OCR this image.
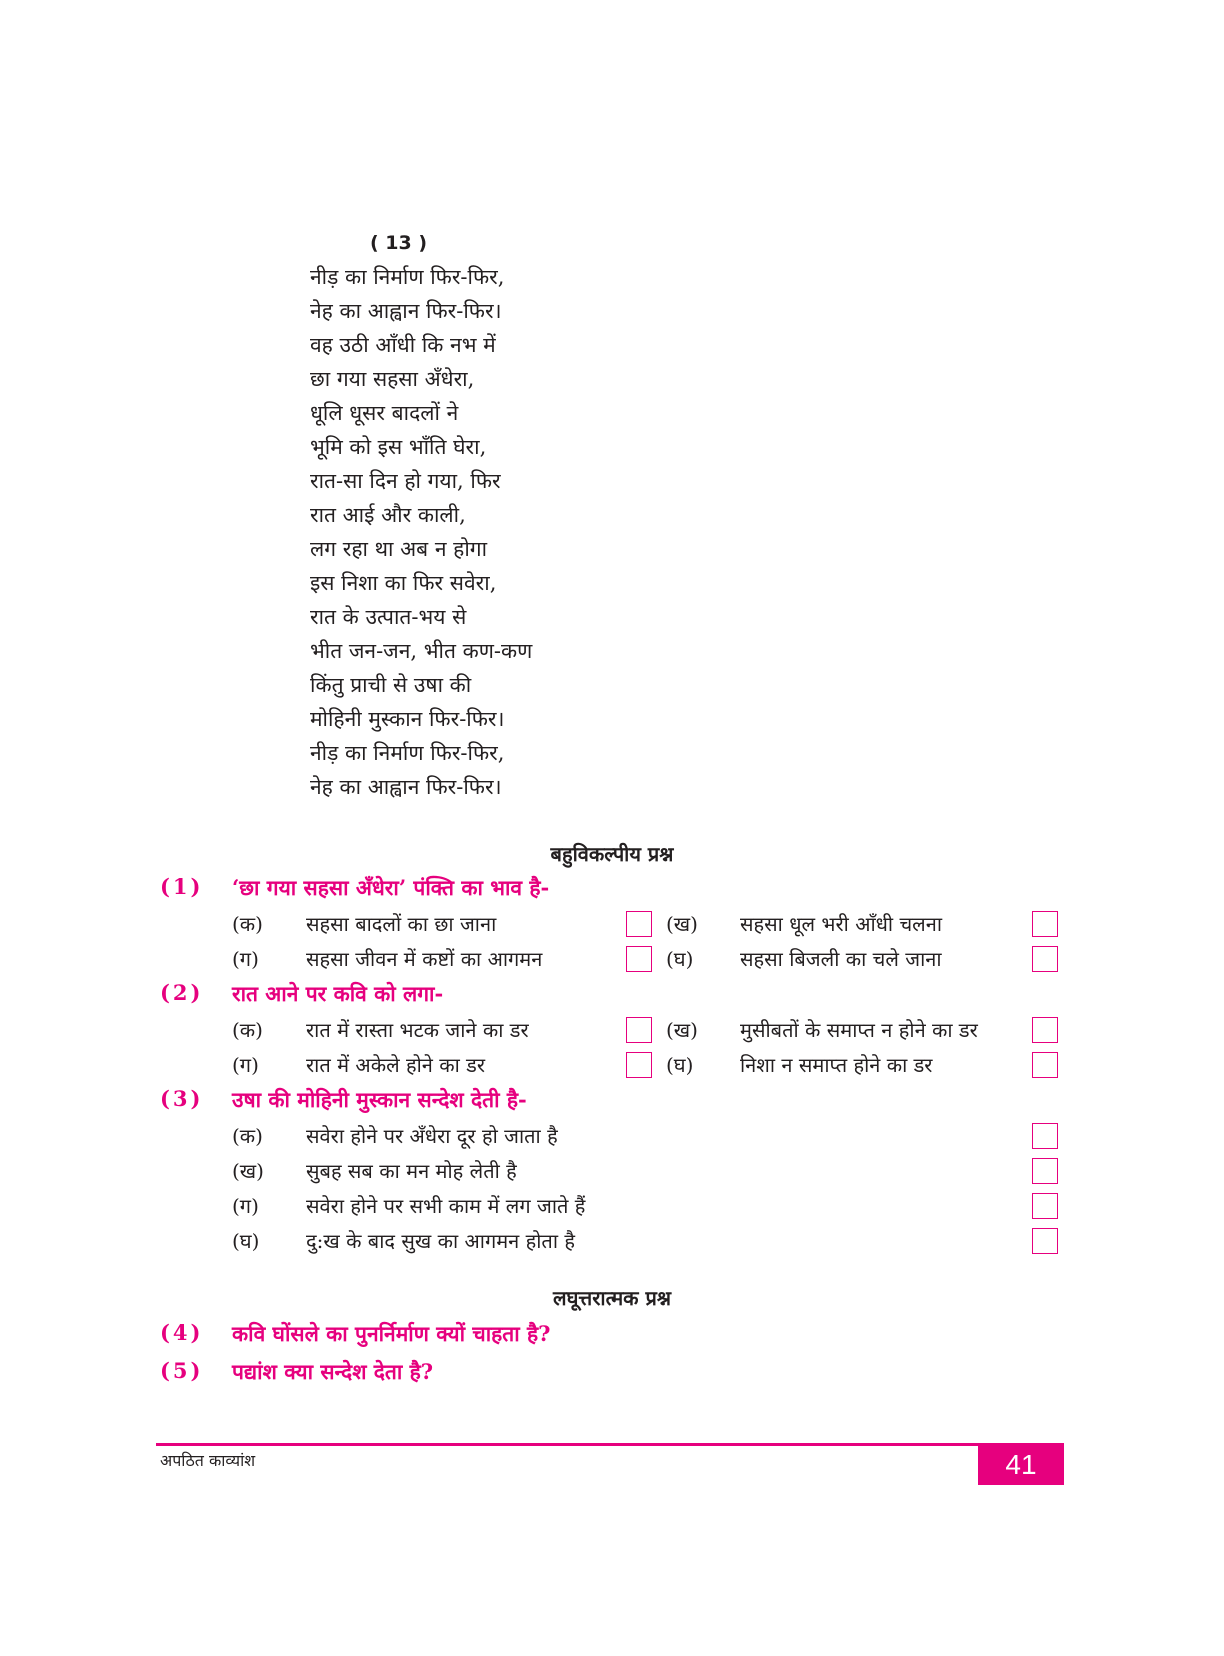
( 13 )
नीड़ का निर्माण फिर-फिर,
नेह का आह्वान फिर-फिर।
वह उठी आँधी कि नभ में
छा गया सहसा अँधेरा,
धूलि धूसर बादलों ने
भूमि को इस भाँति घेरा,
रात-सा दिन हो गया, फिर
रात आई और काली,
लग रहा था अब न होगा
इस निशा का फिर सवेरा,
रात के उत्पात-भय से
भीत जन-जन, भीत कण-कण
किंतु प्राची से उषा की
मोहिनी मुस्कान फिर-फिर।
नीड़ का निर्माण फिर-फिर,
नेह का आह्वान फिर-फिर।
बहुविकल्पीय प्रश्न
(1) ‘छा गया सहसा अँधेरा’ पंक्ति का भाव है-
(क) सहसा बादलों का छा जाना	(ख) सहसा धूल भरी आँधी चलना
(ग) सहसा जीवन में कष्टों का आगमन	(घ) सहसा बिजली का चले जाना
(2) रात आने पर कवि को लगा-
(क) रात में रास्ता भटक जाने का डर	(ख) मुसीबतों के समाप्त न होने का डर
(ग) रात में अकेले होने का डर	(घ) निशा न समाप्त होने का डर
(3) उषा की मोहिनी मुस्कान सन्देश देती है-
(क) सवेरा होने पर अँधेरा दूर हो जाता है
(ख) सुबह सब का मन मोह लेती है
(ग) सवेरा होने पर सभी काम में लग जाते हैं
(घ) दु:ख के बाद सुख का आगमन होता है
लघूत्तरात्मक प्रश्न
(4) कवि घोंसले का पुनर्निर्माण क्यों चाहता है?
(5) पद्यांश क्या सन्देश देता है?
अपठित काव्यांश	41
